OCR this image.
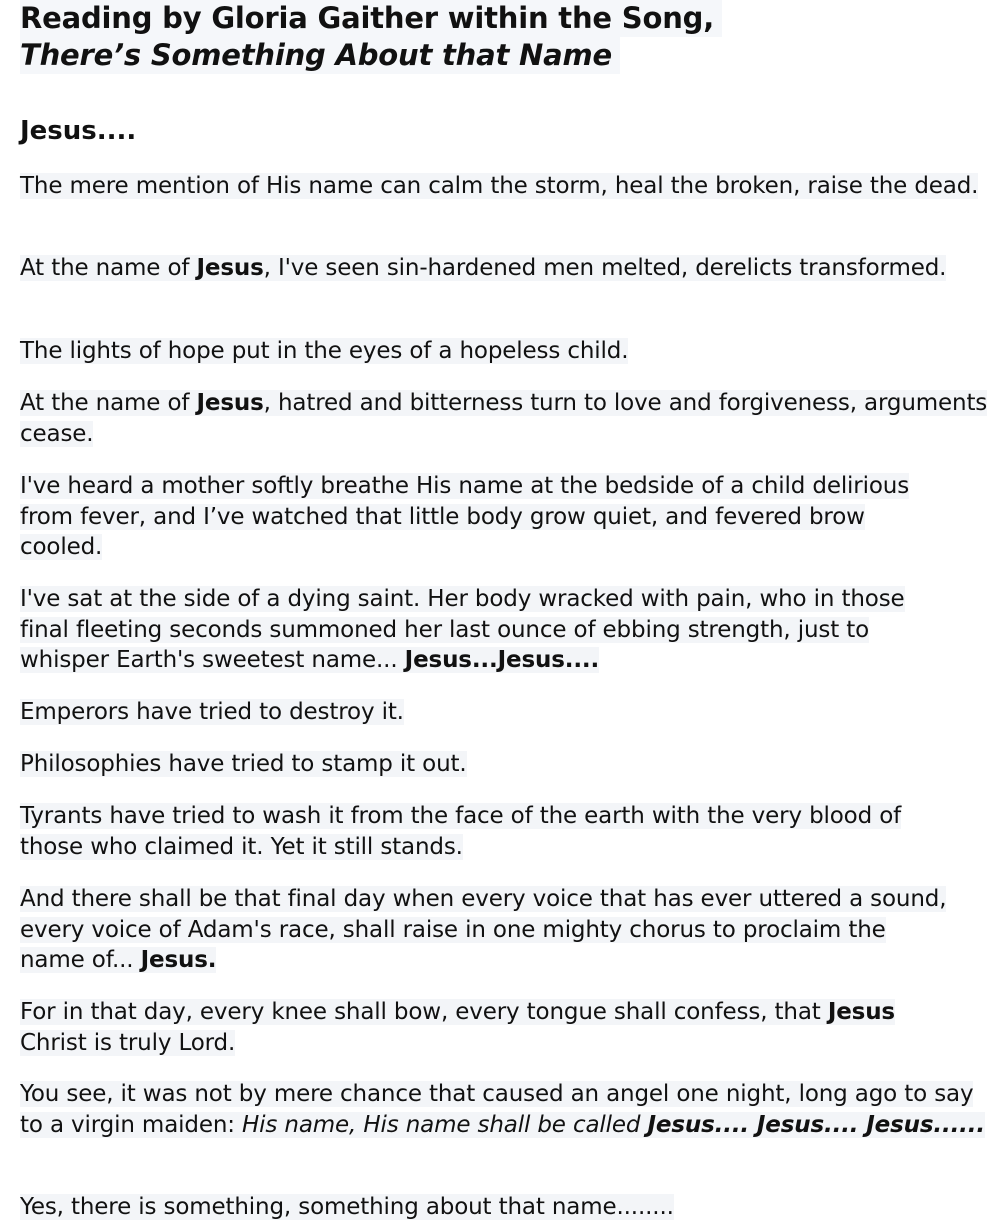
Reading by Gloria Gaither within the Song,
There’s Something About that Name
Jesus....

The mere mention of His name can calm the storm, heal the broken, raise the dead.

At the name of Jesus, I've seen sin-hardened men melted, derelicts transformed.

The lights of hope put in the eyes of a hopeless child.

At the name of Jesus, hatred and bitterness turn to love and forgiveness, arguments cease.

I've heard a mother softly breathe His name at the bedside of a child delirious from fever, and I’ve watched that little body grow quiet, and fevered brow cooled.

I've sat at the side of a dying saint. Her body wracked with pain, who in those final fleeting seconds summoned her last ounce of ebbing strength, just to whisper Earth's sweetest name... Jesus...Jesus....

Emperors have tried to destroy it.

Philosophies have tried to stamp it out.

Tyrants have tried to wash it from the face of the earth with the very blood of those who claimed it. Yet it still stands.

And there shall be that final day when every voice that has ever uttered a sound, every voice of Adam's race, shall raise in one mighty chorus to proclaim the name of... Jesus.

For in that day, every knee shall bow, every tongue shall confess, that Jesus Christ is truly Lord.

You see, it was not by mere chance that caused an angel one night, long ago to say to a virgin maiden: His name, His name shall be called Jesus.... Jesus.... Jesus......

Yes, there is something, something about that name........
